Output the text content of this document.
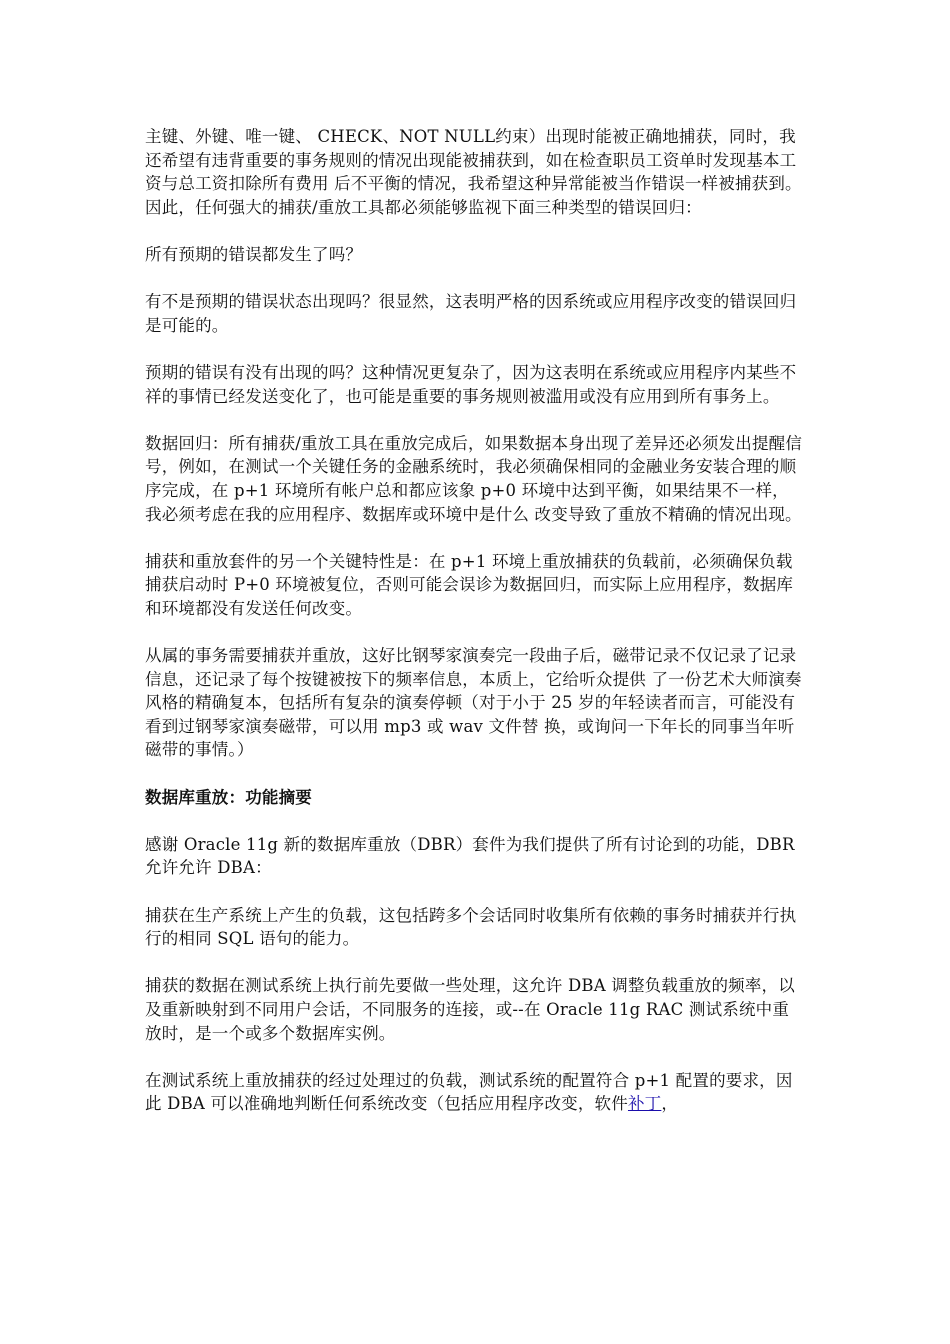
主键、外键、唯一键、 CHECK、NOT NULL约束）出现时能被正确地捕获，同时，我还希望有违背重要的事务规则的情况出现能被捕获到，如在检查职员工资单时发现基本工资与总工资扣除所有费用 后不平衡的情况，我希望这种异常能被当作错误一样被捕获到。

因此，任何强大的捕获/重放工具都必须能够监视下面三种类型的错误回归：

所有预期的错误都发生了吗？

有不是预期的错误状态出现吗？很显然，这表明严格的因系统或应用程序改变的错误回归是可能的。

预期的错误有没有出现的吗？这种情况更复杂了，因为这表明在系统或应用程序内某些不祥的事情已经发送变化了，也可能是重要的事务规则被滥用或没有应用到所有事务上。

数据回归：所有捕获/重放工具在重放完成后，如果数据本身出现了差异还必须发出提醒信号，例如，在测试一个关键任务的金融系统时，我必须确保相同的金融业务安装合理的顺序完成，在 p+1 环境所有帐户总和都应该象 p+0 环境中达到平衡，如果结果不一样，我必须考虑在我的应用程序、数据库或环境中是什么 改变导致了重放不精确的情况出现。

捕获和重放套件的另一个关键特性是：在 p+1 环境上重放捕获的负载前，必须确保负载捕获启动时 P+0 环境被复位，否则可能会误诊为数据回归，而实际上应用程序，数据库和环境都没有发送任何改变。

从属的事务需要捕获并重放，这好比钢琴家演奏完一段曲子后，磁带记录不仅记录了记录信息，还记录了每个按键被按下的频率信息，本质上，它给听众提供 了一份艺术大师演奏风格的精确复本，包括所有复杂的演奏停顿（对于小于 25 岁的年轻读者而言，可能没有看到过钢琴家演奏磁带，可以用 mp3 或 wav 文件替 换，或询问一下年长的同事当年听磁带的事情。）

数据库重放：功能摘要

感谢 Oracle 11g 新的数据库重放（DBR）套件为我们提供了所有讨论到的功能，DBR 允许允许 DBA：

捕获在生产系统上产生的负载，这包括跨多个会话同时收集所有依赖的事务时捕获并行执行的相同 SQL 语句的能力。

捕获的数据在测试系统上执行前先要做一些处理，这允许 DBA 调整负载重放的频率，以及重新映射到不同用户会话，不同服务的连接，或--在 Oracle 11g RAC 测试系统中重放时，是一个或多个数据库实例。

在测试系统上重放捕获的经过处理过的负载，测试系统的配置符合 p+1 配置的要求，因此 DBA 可以准确地判断任何系统改变（包括应用程序改变，软件补丁，
